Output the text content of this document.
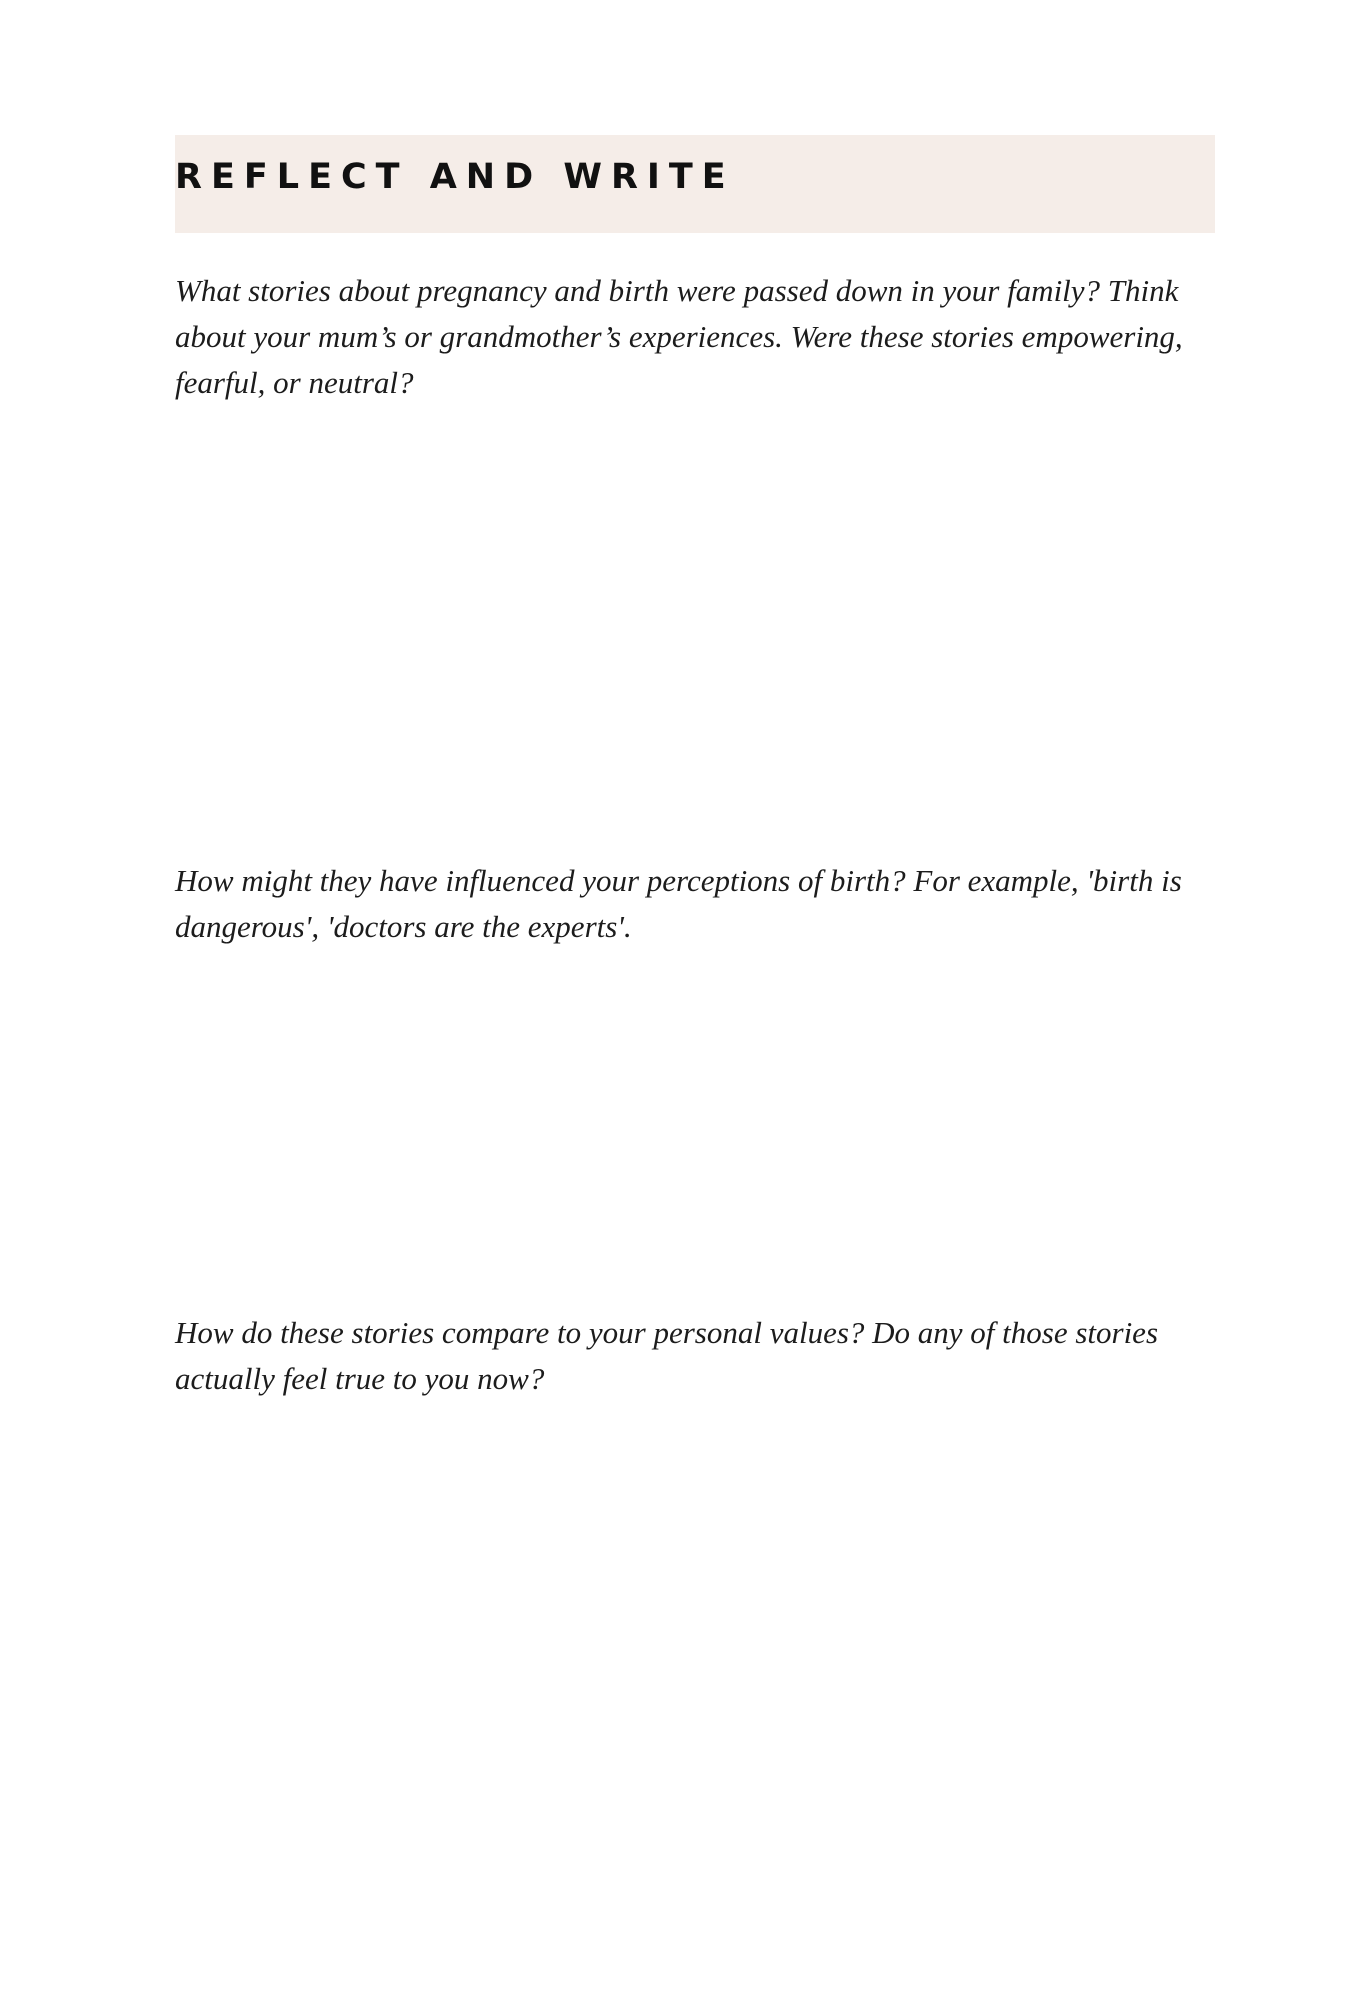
REFLECT AND WRITE

What stories about pregnancy and birth were passed down in your family? Think about your mum’s or grandmother’s experiences. Were these stories empowering, fearful, or neutral?

How might they have influenced your perceptions of birth? For example, 'birth is dangerous', 'doctors are the experts'.

How do these stories compare to your personal values? Do any of those stories actually feel true to you now?
